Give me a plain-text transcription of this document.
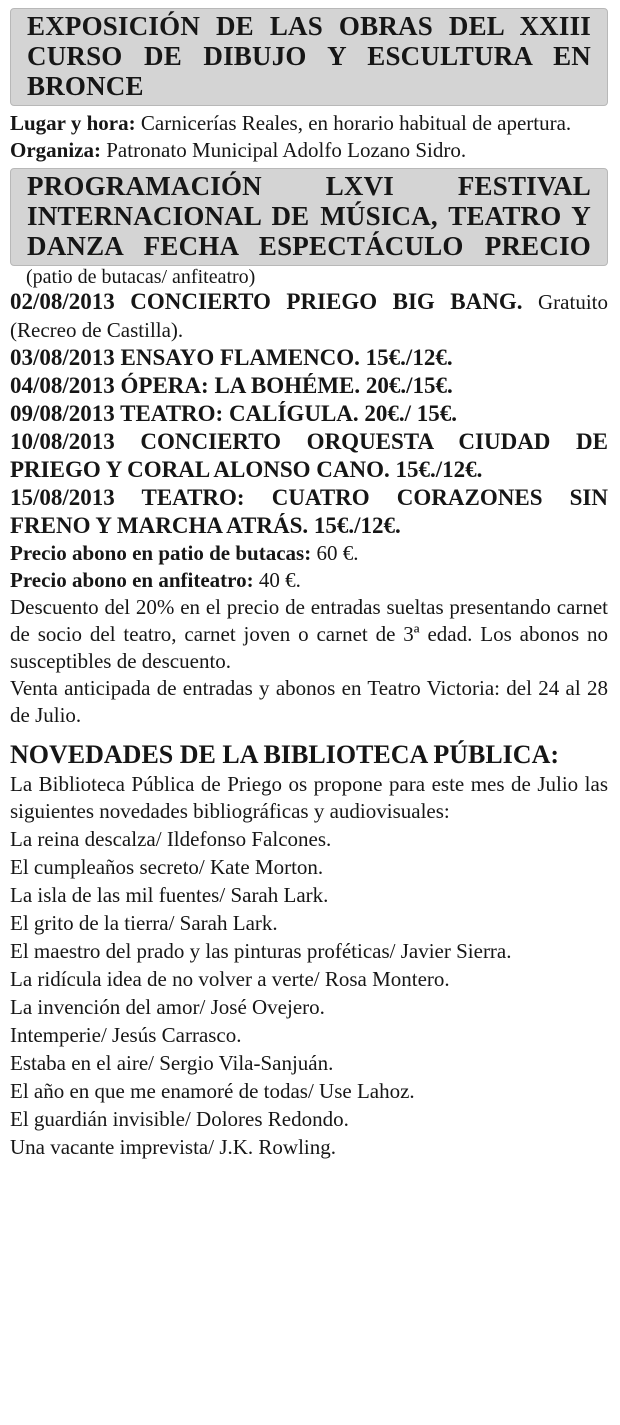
EXPOSICIÓN DE LAS OBRAS DEL XXIII CURSO DE DIBUJO Y ESCULTURA EN BRONCE

Lugar y hora: Carnicerías Reales, en horario habitual de apertura.

Organiza: Patronato Municipal Adolfo Lozano Sidro.

PROGRAMACIÓN LXVI FESTIVAL INTERNACIONAL DE MÚSICA, TEATRO Y DANZA FECHA ESPECTÁCULO PRECIO

(patio de butacas/ anfiteatro)

02/08/2013 CONCIERTO PRIEGO BIG BANG. Gratuito (Recreo de Castilla).

03/08/2013 ENSAYO FLAMENCO. 15€./12€.

04/08/2013 ÓPERA: LA BOHÉME. 20€./15€.

09/08/2013 TEATRO: CALÍGULA. 20€./ 15€.

10/08/2013 CONCIERTO ORQUESTA CIUDAD DE PRIEGO Y CORAL ALONSO CANO. 15€./12€.

15/08/2013 TEATRO: CUATRO CORAZONES SIN FRENO Y MARCHA ATRÁS. 15€./12€.

Precio abono en patio de butacas: 60 €.

Precio abono en anfiteatro: 40 €.

Descuento del 20% en el precio de entradas sueltas presentando carnet de socio del teatro, carnet joven o carnet de 3ª edad. Los abonos no susceptibles de descuento.

Venta anticipada de entradas y abonos en Teatro Victoria: del 24 al 28 de Julio.

NOVEDADES DE LA BIBLIOTECA PÚBLICA:

La Biblioteca Pública de Priego os propone para este mes de Julio las siguientes novedades bibliográficas y audiovisuales:

La reina descalza/ Ildefonso Falcones.

El cumpleaños secreto/ Kate Morton.

La isla de las mil fuentes/ Sarah Lark.

El grito de la tierra/ Sarah Lark.

El maestro del prado y las pinturas proféticas/ Javier Sierra.

La ridícula idea de no volver a verte/ Rosa Montero.

La invención del amor/ José Ovejero.

Intemperie/ Jesús Carrasco.

Estaba en el aire/ Sergio Vila-Sanjuán.

El año en que me enamoré de todas/ Use Lahoz.

El guardián invisible/ Dolores Redondo.

Una vacante imprevista/ J.K. Rowling.
